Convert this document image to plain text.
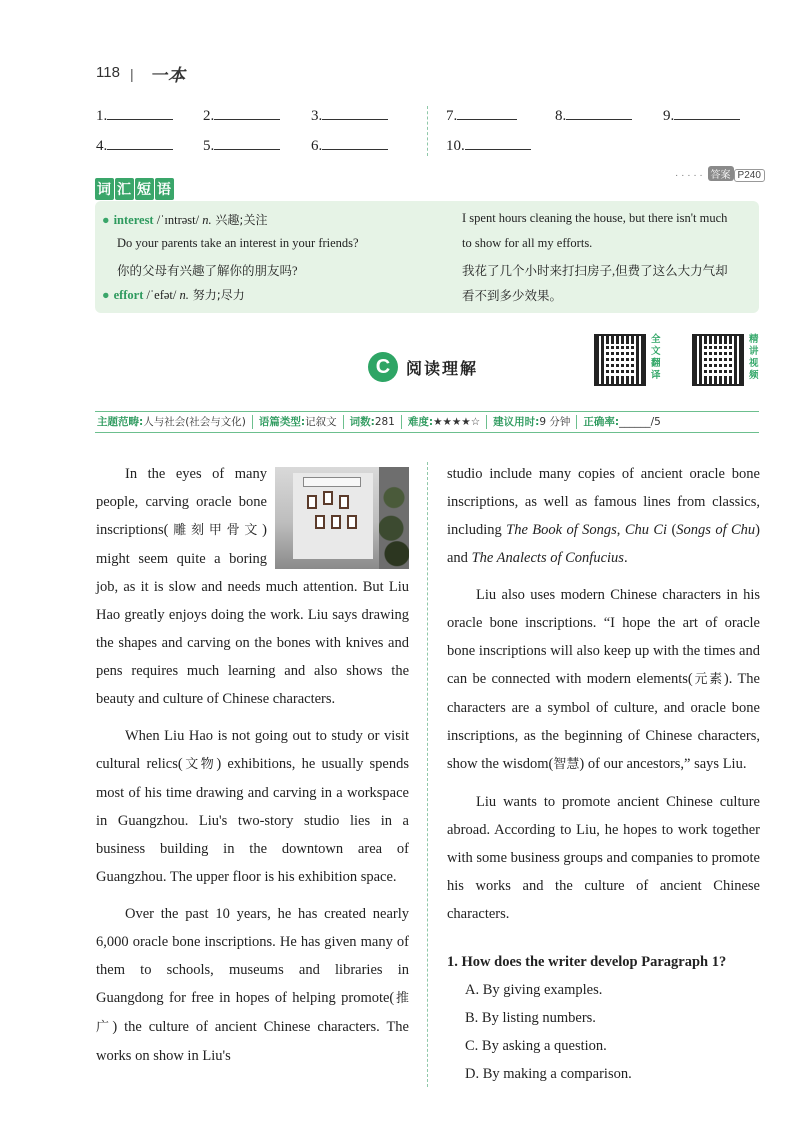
118 | 一本
1.	2.	3.	7.	8.	9.
4.	5.	6.	10.
· · · · · 答案 P240
词 汇 短 语
● interest /ˈɪntrəst/ n. 兴趣;关注
Do your parents take an interest in your friends?
你的父母有兴趣了解你的朋友吗?
● effort /ˈefət/ n. 努力;尽力
I spent hours cleaning the house, but there isn't much
to show for all my efforts.
我花了几个小时来打扫房子,但费了这么大力气却
看不到多少效果。
C 阅读理解
全
文
翻
译
精
讲
视
频
主题范畴:人与社会(社会与文化)	语篇类型:记叙文	词数:281	难度:★★★★☆	建议用时:9 分钟	正确率:______/5

In the eyes of many people, carving oracle bone inscriptions(雕刻甲骨文) might seem quite a boring job, as it is slow and needs much attention. But Liu Hao greatly enjoys doing the work. Liu says drawing the shapes and carving on the bones with knives and pens requires much learning and also shows the beauty and culture of Chinese characters.

When Liu Hao is not going out to study or visit cultural relics(文物) exhibitions, he usually spends most of his time drawing and carving in a workspace in Guangzhou. Liu's two-story studio lies in a business building in the downtown area of Guangzhou. The upper floor is his exhibition space.

Over the past 10 years, he has created nearly 6,000 oracle bone inscriptions. He has given many of them to schools, museums and libraries in Guangdong for free in hopes of helping promote(推广) the culture of ancient Chinese characters. The works on show in Liu's

studio include many copies of ancient oracle bone inscriptions, as well as famous lines from classics, including The Book of Songs, Chu Ci (Songs of Chu) and The Analects of Confucius.

Liu also uses modern Chinese characters in his oracle bone inscriptions. “I hope the art of oracle bone inscriptions will also keep up with the times and can be connected with modern elements(元素). The characters are a symbol of culture, and oracle bone inscriptions, as the beginning of Chinese characters, show the wisdom(智慧) of our ancestors,” says Liu.

Liu wants to promote ancient Chinese culture abroad. According to Liu, he hopes to work together with some business groups and companies to promote his works and the culture of ancient Chinese characters.

1. How does the writer develop Paragraph 1?
A. By giving examples.
B. By listing numbers.
C. By asking a question.
D. By making a comparison.
